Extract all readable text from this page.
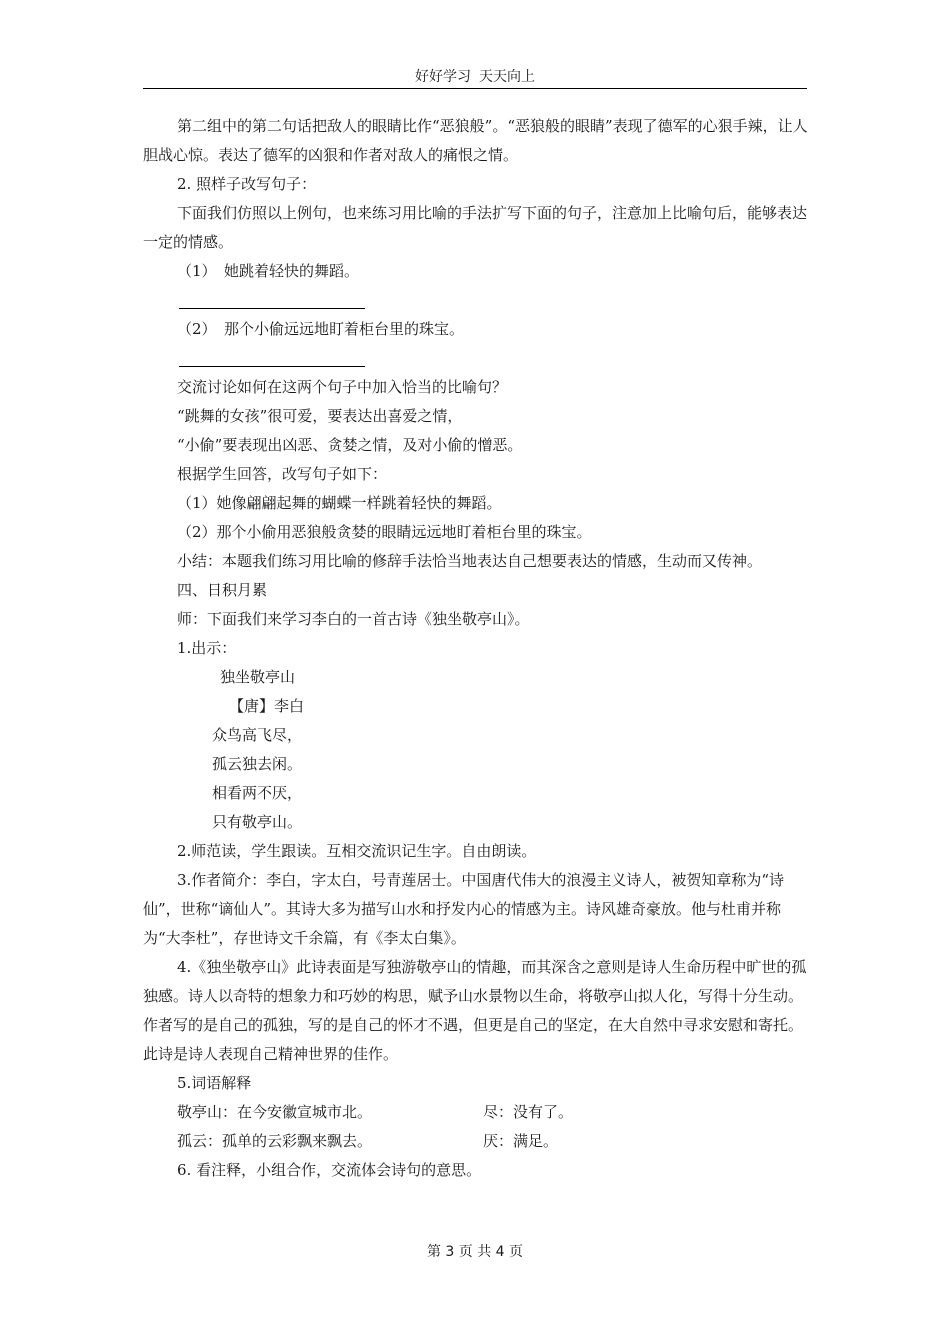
好好学习 天天向上

第二组中的第二句话把敌人的眼睛比作“恶狼般”。“恶狼般的眼睛”表现了德军的心狠手辣，让人胆战心惊。表达了德军的凶狠和作者对敌人的痛恨之情。

2. 照样子改写句子：

下面我们仿照以上例句，也来练习用比喻的手法扩写下面的句子，注意加上比喻句后，能够表达一定的情感。

（1）　她跳着轻快的舞蹈。

（2）　那个小偷远远地盯着柜台里的珠宝。

交流讨论如何在这两个句子中加入恰当的比喻句？

“跳舞的女孩”很可爱，要表达出喜爱之情，

“小偷”要表现出凶恶、贪婪之情，及对小偷的憎恶。

根据学生回答，改写句子如下：

（1）她像翩翩起舞的蝴蝶一样跳着轻快的舞蹈。

（2）那个小偷用恶狼般贪婪的眼睛远远地盯着柜台里的珠宝。

小结：本题我们练习用比喻的修辞手法恰当地表达自己想要表达的情感，生动而又传神。

四、日积月累

师：下面我们来学习李白的一首古诗《独坐敬亭山》。

1.出示：

独坐敬亭山

【唐】李白

众鸟高飞尽，

孤云独去闲。

相看两不厌，

只有敬亭山。

2.师范读，学生跟读。互相交流识记生字。自由朗读。

3.作者简介：李白，字太白，号青莲居士。中国唐代伟大的浪漫主义诗人，被贺知章称为“诗仙”，世称“谪仙人”。其诗大多为描写山水和抒发内心的情感为主。诗风雄奇豪放。他与杜甫并称为“大李杜”，存世诗文千余篇，有《李太白集》。

4.《独坐敬亭山》此诗表面是写独游敬亭山的情趣，而其深含之意则是诗人生命历程中旷世的孤独感。诗人以奇特的想象力和巧妙的构思，赋予山水景物以生命，将敬亭山拟人化，写得十分生动。作者写的是自己的孤独，写的是自己的怀才不遇，但更是自己的坚定，在大自然中寻求安慰和寄托。此诗是诗人表现自己精神世界的佳作。

5.词语解释

敬亭山：在今安徽宣城市北。	尽：没有了。
孤云：孤单的云彩飘来飘去。	厌：满足。

6. 看注释，小组合作，交流体会诗句的意思。

第 3 页 共 4 页
